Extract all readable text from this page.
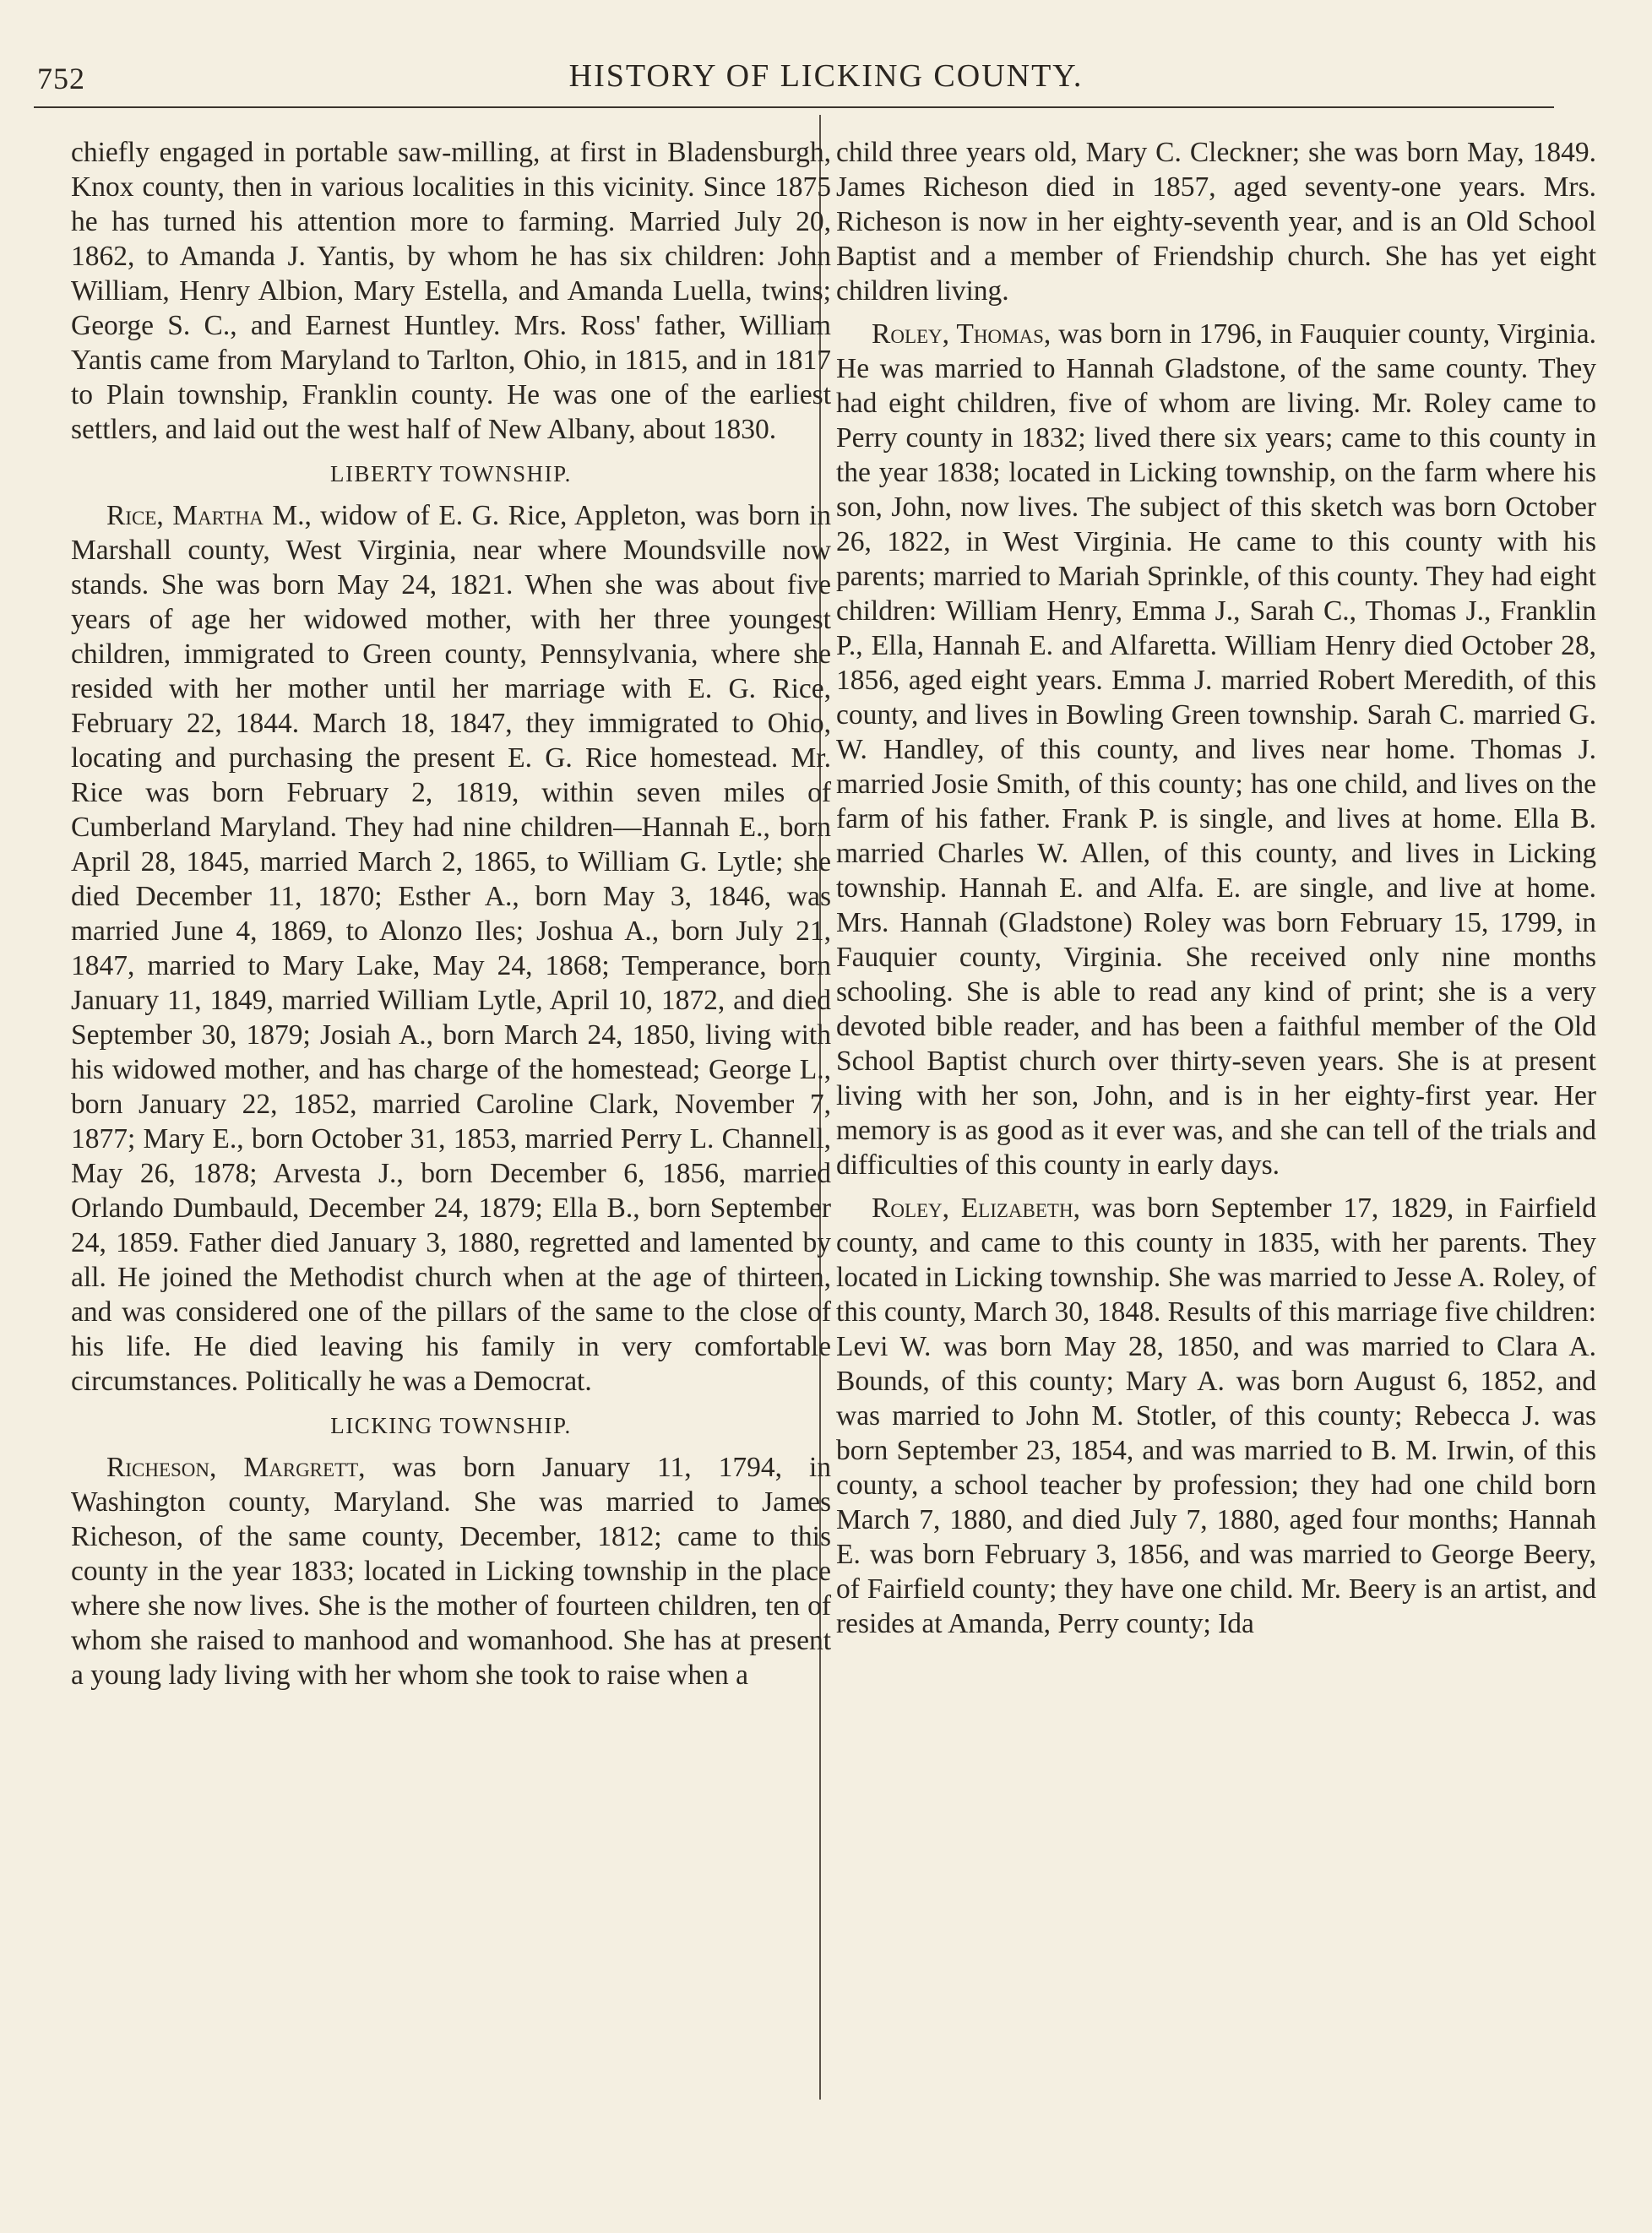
752	HISTORY OF LICKING COUNTY.

chiefly engaged in portable saw-milling, at first in Bladensburgh, Knox county, then in various localities in this vicinity. Since 1875 he has turned his attention more to farming. Married July 20, 1862, to Amanda J. Yantis, by whom he has six children: John William, Henry Albion, Mary Estella, and Amanda Luella, twins; George S. C., and Earnest Huntley. Mrs. Ross' father, William Yantis came from Maryland to Tarlton, Ohio, in 1815, and in 1817 to Plain township, Franklin county. He was one of the earliest settlers, and laid out the west half of New Albany, about 1830.

LIBERTY TOWNSHIP.

Rice, Martha M., widow of E. G. Rice, Appleton, was born in Marshall county, West Virginia, near where Moundsville now stands. She was born May 24, 1821. When she was about five years of age her widowed mother, with her three youngest children, immigrated to Green county, Pennsylvania, where she resided with her mother until her marriage with E. G. Rice, February 22, 1844. March 18, 1847, they immigrated to Ohio, locating and purchasing the present E. G. Rice homestead. Mr. Rice was born February 2, 1819, within seven miles of Cumberland Maryland. They had nine children—Hannah E., born April 28, 1845, married March 2, 1865, to William G. Lytle; she died December 11, 1870; Esther A., born May 3, 1846, was married June 4, 1869, to Alonzo Iles; Joshua A., born July 21, 1847, married to Mary Lake, May 24, 1868; Temperance, born January 11, 1849, married William Lytle, April 10, 1872, and died September 30, 1879; Josiah A., born March 24, 1850, living with his widowed mother, and has charge of the homestead; George L., born January 22, 1852, married Caroline Clark, November 7, 1877; Mary E., born October 31, 1853, married Perry L. Channell, May 26, 1878; Arvesta J., born December 6, 1856, married Orlando Dumbauld, December 24, 1879; Ella B., born September 24, 1859. Father died January 3, 1880, regretted and lamented by all. He joined the Methodist church when at the age of thirteen, and was considered one of the pillars of the same to the close of his life. He died leaving his family in very comfortable circumstances. Politically he was a Democrat.

LICKING TOWNSHIP.

Richeson, Margrett, was born January 11, 1794, in Washington county, Maryland. She was married to James Richeson, of the same county, December, 1812; came to this county in the year 1833; located in Licking township in the place where she now lives. She is the mother of fourteen children, ten of whom she raised to manhood and womanhood. She has at present a young lady living with her whom she took to raise when a

child three years old, Mary C. Cleckner; she was born May, 1849. James Richeson died in 1857, aged seventy-one years. Mrs. Richeson is now in her eighty-seventh year, and is an Old School Baptist and a member of Friendship church. She has yet eight children living.

Roley, Thomas, was born in 1796, in Fauquier county, Virginia. He was married to Hannah Gladstone, of the same county. They had eight children, five of whom are living. Mr. Roley came to Perry county in 1832; lived there six years; came to this county in the year 1838; located in Licking township, on the farm where his son, John, now lives. The subject of this sketch was born October 26, 1822, in West Virginia. He came to this county with his parents; married to Mariah Sprinkle, of this county. They had eight children: William Henry, Emma J., Sarah C., Thomas J., Franklin P., Ella, Hannah E. and Alfaretta. William Henry died October 28, 1856, aged eight years. Emma J. married Robert Meredith, of this county, and lives in Bowling Green township. Sarah C. married G. W. Handley, of this county, and lives near home. Thomas J. married Josie Smith, of this county; has one child, and lives on the farm of his father. Frank P. is single, and lives at home. Ella B. married Charles W. Allen, of this county, and lives in Licking township. Hannah E. and Alfa. E. are single, and live at home. Mrs. Hannah (Gladstone) Roley was born February 15, 1799, in Fauquier county, Virginia. She received only nine months schooling. She is able to read any kind of print; she is a very devoted bible reader, and has been a faithful member of the Old School Baptist church over thirty-seven years. She is at present living with her son, John, and is in her eighty-first year. Her memory is as good as it ever was, and she can tell of the trials and difficulties of this county in early days.

Roley, Elizabeth, was born September 17, 1829, in Fairfield county, and came to this county in 1835, with her parents. They located in Licking township. She was married to Jesse A. Roley, of this county, March 30, 1848. Results of this marriage five children: Levi W. was born May 28, 1850, and was married to Clara A. Bounds, of this county; Mary A. was born August 6, 1852, and was married to John M. Stotler, of this county; Rebecca J. was born September 23, 1854, and was married to B. M. Irwin, of this county, a school teacher by profession; they had one child born March 7, 1880, and died July 7, 1880, aged four months; Hannah E. was born February 3, 1856, and was married to George Beery, of Fairfield county; they have one child. Mr. Beery is an artist, and resides at Amanda, Perry county; Ida
